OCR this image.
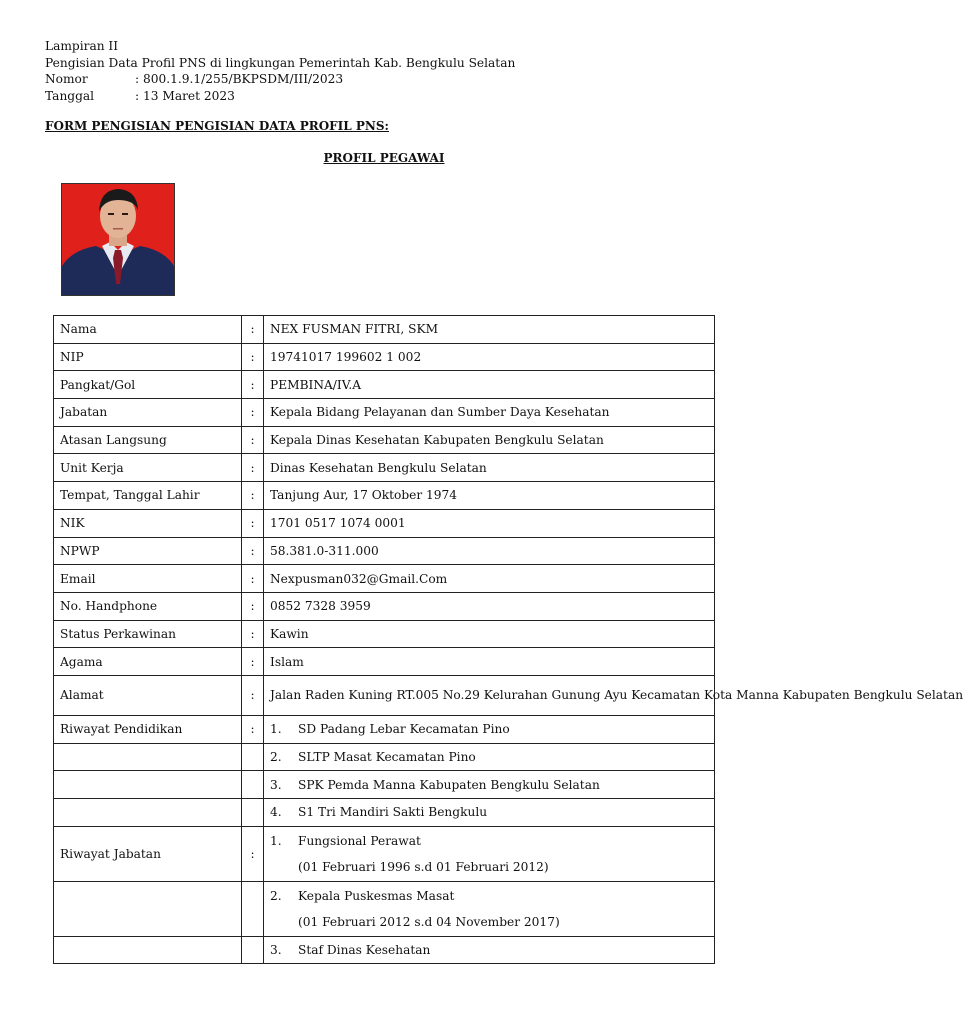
Lampiran II
Pengisian Data Profil PNS di lingkungan Pemerintah Kab. Bengkulu Selatan
Nomor	: 800.1.9.1/255/BKPSDM/III/2023
Tanggal	: 13 Maret 2023
FORM PENGISIAN PENGISIAN DATA PROFIL PNS:
PROFIL PEGAWAI
Nama	:	NEX FUSMAN FITRI, SKM
NIP	:	19741017 199602 1 002
Pangkat/Gol	:	PEMBINA/IV.A
Jabatan	:	Kepala Bidang Pelayanan dan Sumber Daya Kesehatan
Atasan Langsung	:	Kepala Dinas Kesehatan Kabupaten Bengkulu Selatan
Unit Kerja	:	Dinas Kesehatan Bengkulu Selatan
Tempat, Tanggal Lahir	:	Tanjung Aur, 17 Oktober 1974
NIK	:	1701 0517 1074 0001
NPWP	:	58.381.0-311.000
Email	:	Nexpusman032@Gmail.Com
No. Handphone	:	0852 7328 3959
Status Perkawinan	:	Kawin
Agama	:	Islam
Alamat	:	Jalan Raden Kuning RT.005 No.29 Kelurahan Gunung Ayu Kecamatan Kota Manna Kabupaten Bengkulu Selatan
Riwayat Pendidikan	:	1. SD Padang Lebar Kecamatan Pino
		2. SLTP Masat Kecamatan Pino
		3. SPK Pemda Manna Kabupaten Bengkulu Selatan
		4. S1 Tri Mandiri Sakti Bengkulu
Riwayat Jabatan	:	1. Fungsional Perawat
(01 Februari 1996 s.d 01 Februari 2012)

		2. Kepala Puskesmas Masat
(01 Februari 2012 s.d 04 November 2017)

		3. Staf Dinas Kesehatan
